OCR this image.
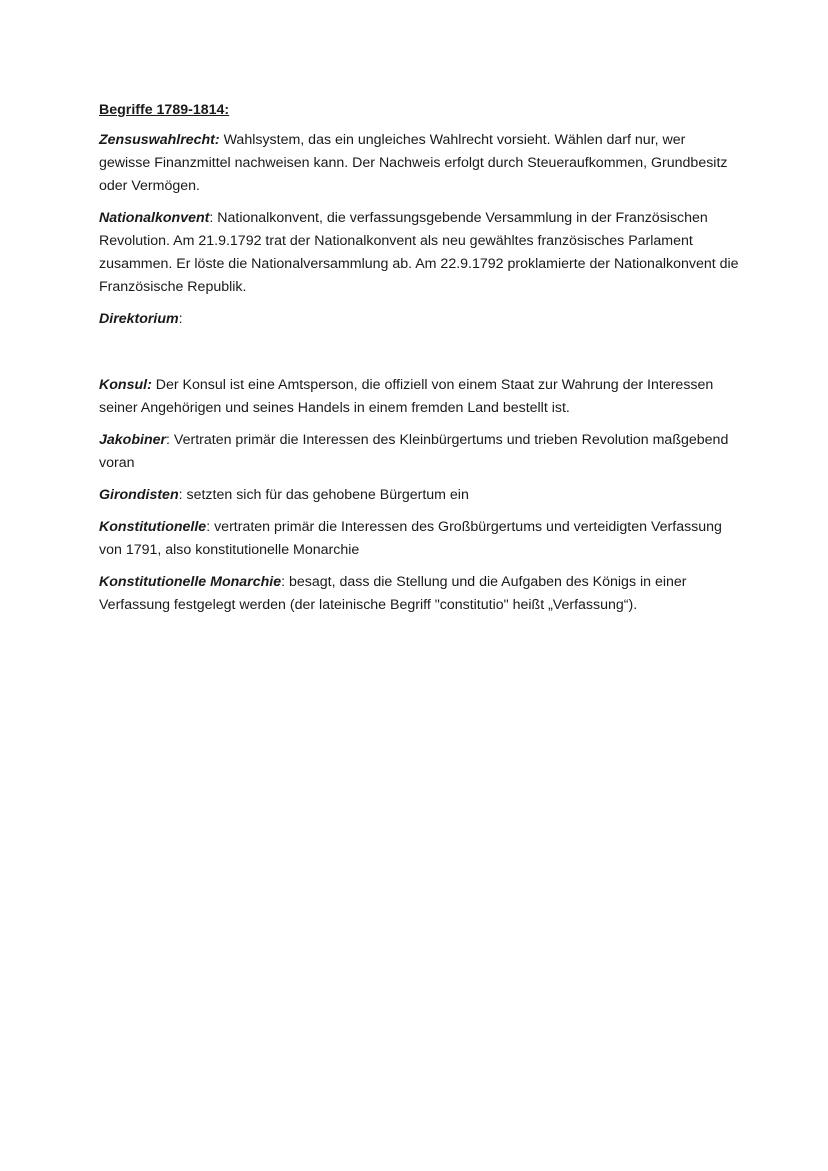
Begriffe 1789-1814:

Zensuswahlrecht: Wahlsystem, das ein ungleiches Wahlrecht vorsieht. Wählen darf nur, wer gewisse Finanzmittel nachweisen kann. Der Nachweis erfolgt durch Steueraufkommen, Grundbesitz oder Vermögen.

Nationalkonvent: Nationalkonvent, die verfassungsgebende Versammlung in der Französischen Revolution. Am 21.9.1792 trat der Nationalkonvent als neu gewähltes französisches Parlament zusammen. Er löste die Nationalversammlung ab. Am 22.9.1792 proklamierte der Nationalkonvent die Französische Republik.

Direktorium:

Konsul: Der Konsul ist eine Amtsperson, die offiziell von einem Staat zur Wahrung der Interessen seiner Angehörigen und seines Handels in einem fremden Land bestellt ist.

Jakobiner: Vertraten primär die Interessen des Kleinbürgertums und trieben Revolution maßgebend voran

Girondisten: setzten sich für das gehobene Bürgertum ein

Konstitutionelle: vertraten primär die Interessen des Großbürgertums und verteidigten Verfassung von 1791, also konstitutionelle Monarchie

Konstitutionelle Monarchie: besagt, dass die Stellung und die Aufgaben des Königs in einer Verfassung festgelegt werden (der lateinische Begriff "constitutio" heißt „Verfassung“).
